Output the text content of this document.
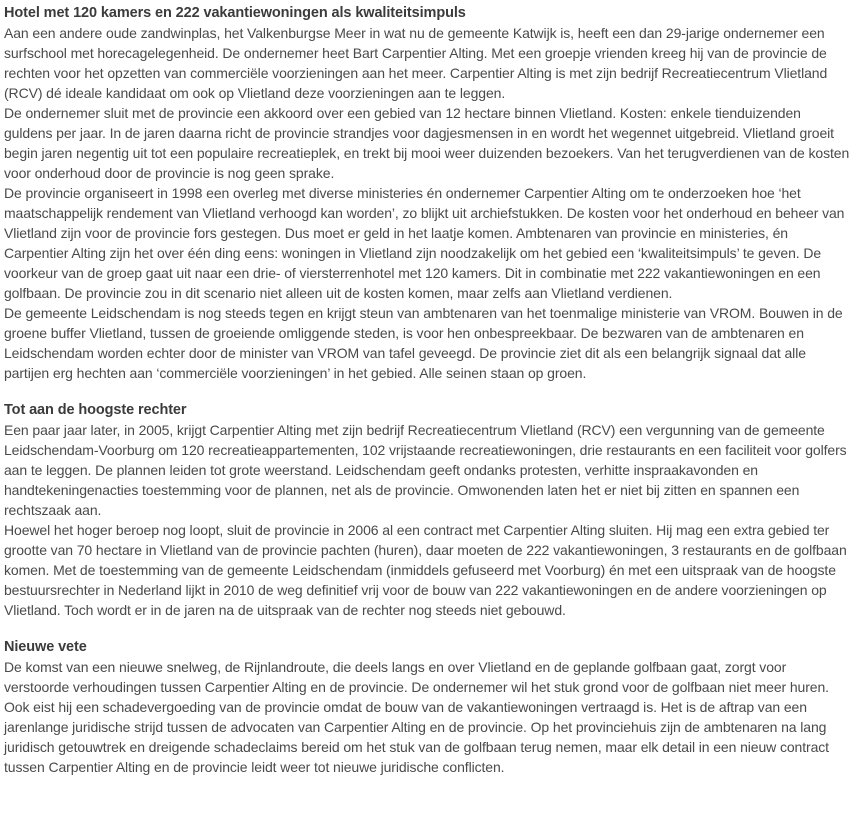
Hotel met 120 kamers en 222 vakantiewoningen als kwaliteitsimpuls

Aan een andere oude zandwinplas, het Valkenburgse Meer in wat nu de gemeente Katwijk is, heeft een dan 29-jarige ondernemer een surfschool met horecagelegenheid. De ondernemer heet Bart Carpentier Alting. Met een groepje vrienden kreeg hij van de provincie de rechten voor het opzetten van commerciële voorzieningen aan het meer. Carpentier Alting is met zijn bedrijf Recreatiecentrum Vlietland (RCV) dé ideale kandidaat om ook op Vlietland deze voorzieningen aan te leggen.

De ondernemer sluit met de provincie een akkoord over een gebied van 12 hectare binnen Vlietland. Kosten: enkele tienduizenden guldens per jaar. In de jaren daarna richt de provincie strandjes voor dagjesmensen in en wordt het wegennet uitgebreid. Vlietland groeit begin jaren negentig uit tot een populaire recreatieplek, en trekt bij mooi weer duizenden bezoekers. Van het terugverdienen van de kosten voor onderhoud door de provincie is nog geen sprake.

De provincie organiseert in 1998 een overleg met diverse ministeries én ondernemer Carpentier Alting om te onderzoeken hoe ‘het maatschappelijk rendement van Vlietland verhoogd kan worden’, zo blijkt uit archiefstukken. De kosten voor het onderhoud en beheer van Vlietland zijn voor de provincie fors gestegen. Dus moet er geld in het laatje komen. Ambtenaren van provincie en ministeries, én Carpentier Alting zijn het over één ding eens: woningen in Vlietland zijn noodzakelijk om het gebied een ‘kwaliteitsimpuls’ te geven. De voorkeur van de groep gaat uit naar een drie- of viersterrenhotel met 120 kamers. Dit in combinatie met 222 vakantiewoningen en een golfbaan. De provincie zou in dit scenario niet alleen uit de kosten komen, maar zelfs aan Vlietland verdienen.

De gemeente Leidschendam is nog steeds tegen en krijgt steun van ambtenaren van het toenmalige ministerie van VROM. Bouwen in de groene buffer Vlietland, tussen de groeiende omliggende steden, is voor hen onbespreekbaar. De bezwaren van de ambtenaren en Leidschendam worden echter door de minister van VROM van tafel geveegd. De provincie ziet dit als een belangrijk signaal dat alle partijen erg hechten aan ‘commerciële voorzieningen’ in het gebied. Alle seinen staan op groen.

Tot aan de hoogste rechter

Een paar jaar later, in 2005, krijgt Carpentier Alting met zijn bedrijf Recreatiecentrum Vlietland (RCV) een vergunning van de gemeente Leidschendam-Voorburg om 120 recreatieappartementen, 102 vrijstaande recreatiewoningen, drie restaurants en een faciliteit voor golfers aan te leggen. De plannen leiden tot grote weerstand. Leidschendam geeft ondanks protesten, verhitte inspraakavonden en handtekeningenacties toestemming voor de plannen, net als de provincie. Omwonenden laten het er niet bij zitten en spannen een rechtszaak aan.

Hoewel het hoger beroep nog loopt, sluit de provincie in 2006 al een contract met Carpentier Alting sluiten. Hij mag een extra gebied ter grootte van 70 hectare in Vlietland van de provincie pachten (huren), daar moeten de 222 vakantiewoningen, 3 restaurants en de golfbaan komen. Met de toestemming van de gemeente Leidschendam (inmiddels gefuseerd met Voorburg) én met een uitspraak van de hoogste bestuursrechter in Nederland lijkt in 2010 de weg definitief vrij voor de bouw van 222 vakantiewoningen en de andere voorzieningen op Vlietland. Toch wordt er in de jaren na de uitspraak van de rechter nog steeds niet gebouwd.

Nieuwe vete

De komst van een nieuwe snelweg, de Rijnlandroute, die deels langs en over Vlietland en de geplande golfbaan gaat, zorgt voor verstoorde verhoudingen tussen Carpentier Alting en de provincie. De ondernemer wil het stuk grond voor de golfbaan niet meer huren. Ook eist hij een schadevergoeding van de provincie omdat de bouw van de vakantiewoningen vertraagd is. Het is de aftrap van een jarenlange juridische strijd tussen de advocaten van Carpentier Alting en de provincie. Op het provinciehuis zijn de ambtenaren na lang juridisch getouwtrek en dreigende schadeclaims bereid om het stuk van de golfbaan terug nemen, maar elk detail in een nieuw contract tussen Carpentier Alting en de provincie leidt weer tot nieuwe juridische conflicten.
